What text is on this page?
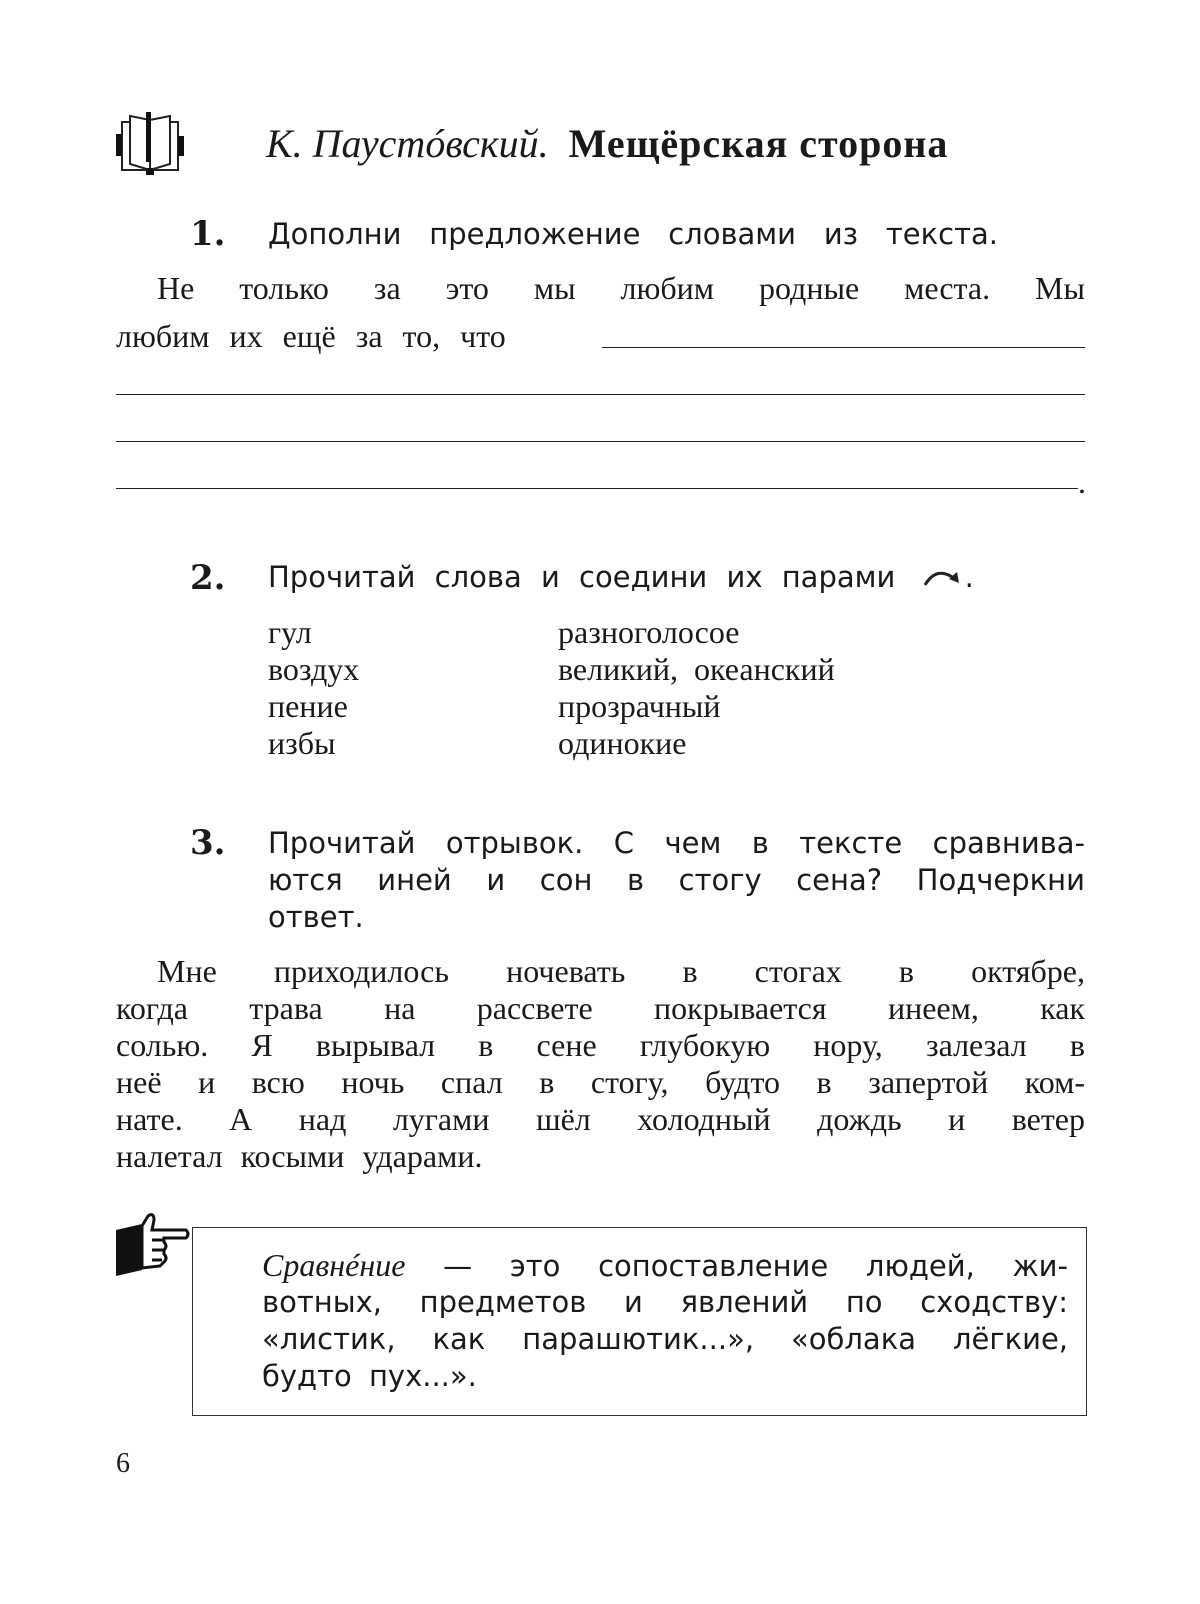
К. Паустóвский. Мещёрская сторона
1. Дополни предложение словами из текста.
Не только за это мы любим родные места. Мы
любим их ещё за то, что
.
2. Прочитай слова и соедини их парами .
гул
воздух
пение
избы
разноголосое
великий, океанский
прозрачный
одинокие
3. Прочитай отрывок. С чем в тексте сравнива-
ются иней и сон в стогу сена? Подчеркни
ответ.
Мне приходилось ночевать в стогах в октябре,
когда трава на рассвете покрывается инеем, как
солью. Я вырывал в сене глубокую нору, залезал в
неё и всю ночь спал в стогу, будто в запертой ком-
нате. А над лугами шёл холодный дождь и ветер
налетал косыми ударами.
Сравнéние — это сопоставление людей, жи-
вотных, предметов и явлений по сходству:
«листик, как парашютик...», «облака лёгкие,
будто пух...».
6
